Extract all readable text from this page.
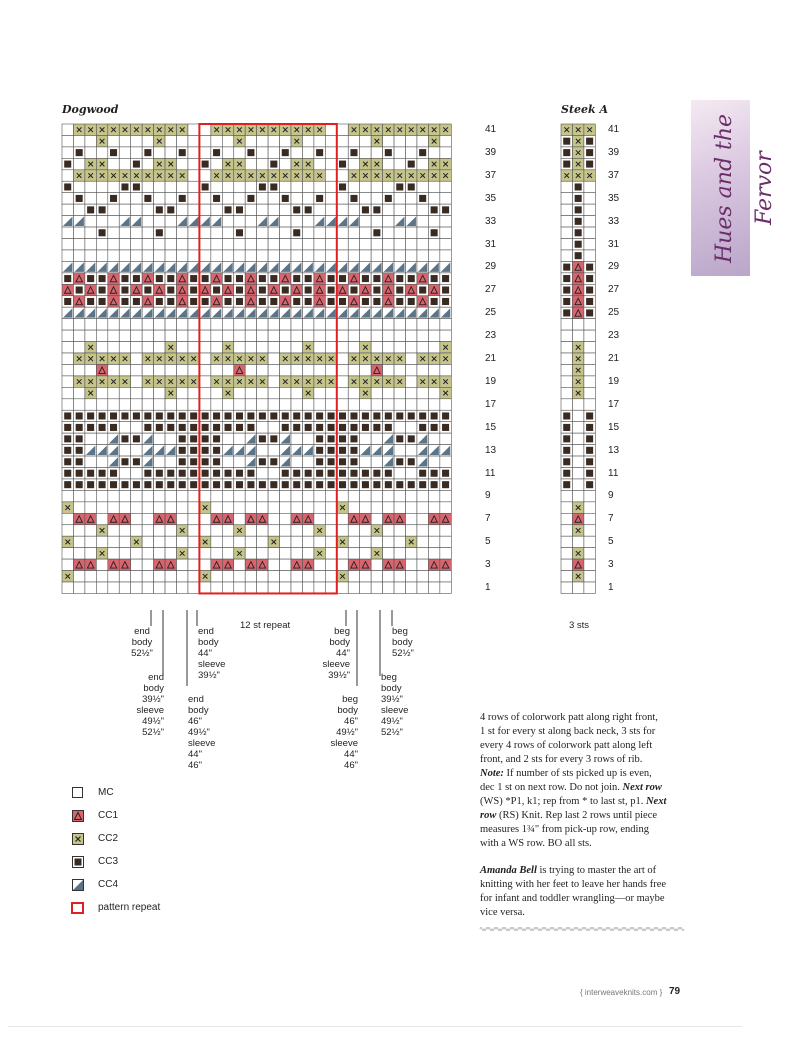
Hues and the Fervor
Dogwood	Steek A
41
39
37
35
33
31
29
27
25
23
21
19
17
15
13
11
9
7
5
3
1
41
39
37
35
33
31
29
27
25
23
21
19
17
15
13
11
9
7
5
3
1
end
body
52½"
end
body
44"
sleeve
39½"
12 st repeat
beg
body
44"
sleeve
39½"
beg
body
52½"
end
body
39½"
sleeve
49½"
52½"
end
body
46"
49½"
sleeve
44"
46"
beg
body
46"
49½"
sleeve
44"
46"
beg
body
39½"
sleeve
49½"
52½"
3 sts
MC
CC1
CC2
CC3
CC4
pattern repeat
4 rows of colorwork patt along right front,
1 st for every st along back neck, 3 sts for
every 4 rows of colorwork patt along left
front, and 2 sts for every 3 rows of rib.
Note: If number of sts picked up is even,
dec 1 st on next row. Do not join. Next row
(WS) *P1, k1; rep from * to last st, p1. Next
row (RS) Knit. Rep last 2 rows until piece
measures 1¾" from pick-up row, ending
with a WS row. BO all sts.
Amanda Bell is trying to master the art of
knitting with her feet to leave her hands free
for infant and toddler wrangling—or maybe
vice versa.
{ interweaveknits.com } 79
